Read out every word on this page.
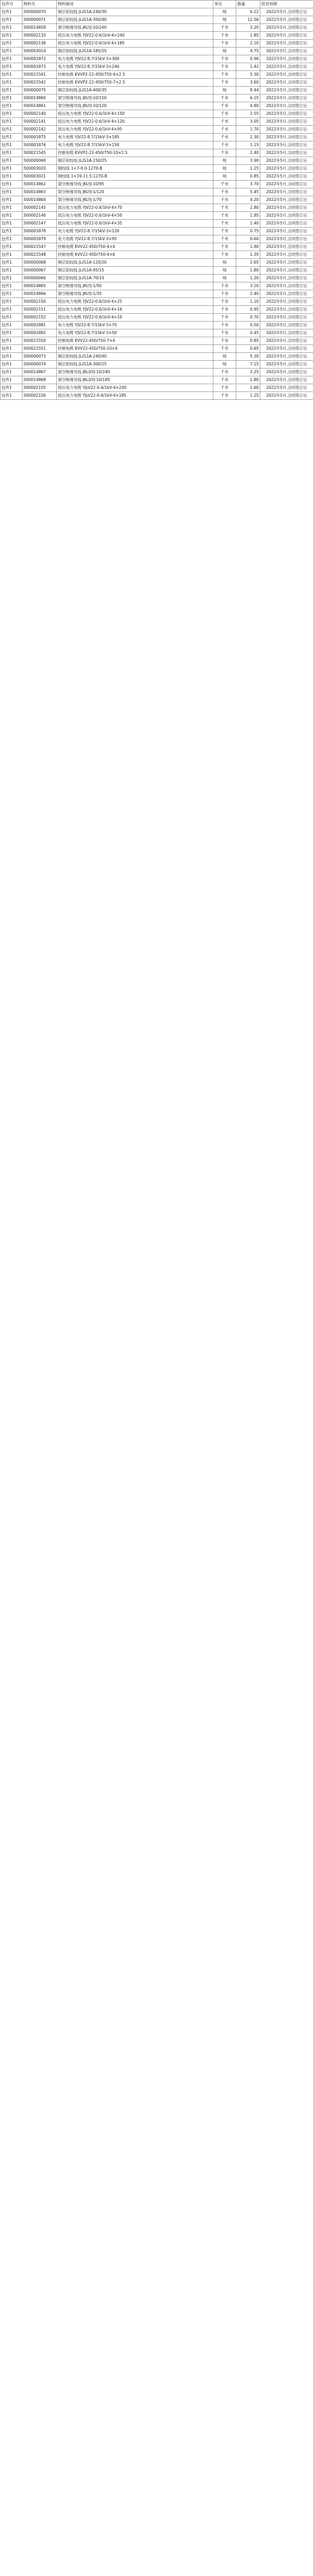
包件号	物料号	物料描述	单位	数量	供货周期
包件1	500000070	钢芯铝绞线 JL/G1A-240/30	吨	6.12	2022年5月,合同签订后
包件1	500000071	钢芯铝绞线 JL/G1A-300/40	吨	12.56	2022年5月,合同签订后
包件1	500014858	架空绝缘导线 JKLYJ-10/240	千米	3.20	2022年5月,合同签订后
包件1	500002133	低压电力电缆 YJV22-0.6/1kV-4×240	千米	1.85	2022年5月,合同签订后
包件1	500002136	低压电力电缆 YJV22-0.6/1kV-4×185	千米	2.10	2022年5月,合同签订后
包件1	500003014	钢芯铝绞线 JL/G1A-185/25	吨	4.75	2022年5月,合同签订后
包件1	500001872	电力电缆 YJV22-8.7/15kV-3×300	千米	0.96	2022年5月,合同签订后
包件1	500001873	电力电缆 YJV22-8.7/15kV-3×240	千米	1.42	2022年5月,合同签订后
包件1	500021541	控制电缆 KVVP2-22-450/750-4×2.5	千米	5.30	2022年5月,合同签订后
包件1	500021542	控制电缆 KVVP2-22-450/750-7×2.5	千米	3.60	2022年5月,合同签订后
包件1	500000075	钢芯铝绞线 JL/G1A-400/35	吨	8.44	2022年5月,合同签订后
包件1	500014860	架空绝缘导线 JKLYJ-10/150	千米	6.15	2022年5月,合同签订后
包件1	500014861	架空绝缘导线 JKLYJ-10/120	千米	4.80	2022年5月,合同签订后
包件1	500002140	低压电力电缆 YJV22-0.6/1kV-4×150	千米	2.55	2022年5月,合同签订后
包件1	500002141	低压电力电缆 YJV22-0.6/1kV-4×120	千米	3.05	2022年5月,合同签订后
包件1	500002142	低压电力电缆 YJV22-0.6/1kV-4×95	千米	1.70	2022年5月,合同签订后
包件1	500001875	电力电缆 YJV22-8.7/15kV-3×185	千米	2.30	2022年5月,合同签订后
包件1	500001876	电力电缆 YJV22-8.7/15kV-3×150	千米	1.15	2022年5月,合同签订后
包件1	500021545	控制电缆 KVVP2-22-450/750-10×2.5	千米	2.40	2022年5月,合同签订后
包件1	500000069	钢芯铝绞线 JL/G1A-150/25	吨	3.90	2022年5月,合同签订后
包件1	500003020	钢绞线 1×7-9.0-1270-B	吨	1.25	2022年5月,合同签订后
包件1	500003021	钢绞线 1×19-11.5-1270-B	吨	0.85	2022年5月,合同签订后
包件1	500014862	架空绝缘导线 JKLYJ-10/95	千米	3.70	2022年5月,合同签订后
包件1	500014863	架空绝缘导线 JKLYJ-1/120	千米	5.45	2022年5月,合同签订后
包件1	500014864	架空绝缘导线 JKLYJ-1/70	千米	4.20	2022年5月,合同签订后
包件1	500002145	低压电力电缆 YJV22-0.6/1kV-4×70	千米	2.80	2022年5月,合同签订后
包件1	500002146	低压电力电缆 YJV22-0.6/1kV-4×50	千米	1.95	2022年5月,合同签订后
包件1	500002147	低压电力电缆 YJV22-0.6/1kV-4×35	千米	1.40	2022年5月,合同签订后
包件1	500001878	电力电缆 YJV22-8.7/15kV-3×120	千米	0.75	2022年5月,合同签订后
包件1	500001879	电力电缆 YJV22-8.7/15kV-3×95	千米	0.60	2022年5月,合同签订后
包件1	500021547	控制电缆 KVV22-450/750-4×4	千米	1.90	2022年5月,合同签订后
包件1	500021548	控制电缆 KVV22-450/750-4×6	千米	1.35	2022年5月,合同签订后
包件1	500000068	钢芯铝绞线 JL/G1A-120/20	吨	2.65	2022年5月,合同签订后
包件1	500000067	钢芯铝绞线 JL/G1A-95/15	吨	1.80	2022年5月,合同签订后
包件1	500000066	钢芯铝绞线 JL/G1A-70/10	吨	1.20	2022年5月,合同签订后
包件1	500014865	架空绝缘导线 JKLYJ-1/50	千米	3.10	2022年5月,合同签订后
包件1	500014866	架空绝缘导线 JKLYJ-1/35	千米	2.40	2022年5月,合同签订后
包件1	500002150	低压电力电缆 YJV22-0.6/1kV-4×25	千米	1.10	2022年5月,合同签订后
包件1	500002151	低压电力电缆 YJV22-0.6/1kV-4×16	千米	0.95	2022年5月,合同签订后
包件1	500002152	低压电力电缆 YJV22-0.6/1kV-4×10	千米	0.70	2022年5月,合同签订后
包件1	500001881	电力电缆 YJV22-8.7/15kV-3×70	千米	0.50	2022年5月,合同签订后
包件1	500001882	电力电缆 YJV22-8.7/15kV-3×50	千米	0.45	2022年5月,合同签订后
包件1	500021550	控制电缆 KVV22-450/750-7×4	千米	0.85	2022年5月,合同签订后
包件1	500021551	控制电缆 KVV22-450/750-10×4	千米	0.65	2022年5月,合同签订后
包件1	500000073	钢芯铝绞线 JL/G1A-240/40	吨	5.30	2022年5月,合同签订后
包件1	500000074	钢芯铝绞线 JL/G1A-300/25	吨	7.15	2022年5月,合同签订后
包件1	500014867	架空绝缘导线 JKLGYJ-10/240	千米	2.25	2022年5月,合同签订后
包件1	500014868	架空绝缘导线 JKLGYJ-10/185	千米	1.80	2022年5月,合同签订后
包件1	500002155	低压电力电缆 YJLV22-0.6/1kV-4×240	千米	1.60	2022年5月,合同签订后
包件1	500002156	低压电力电缆 YJLV22-0.6/1kV-4×185	千米	1.25	2022年5月,合同签订后
